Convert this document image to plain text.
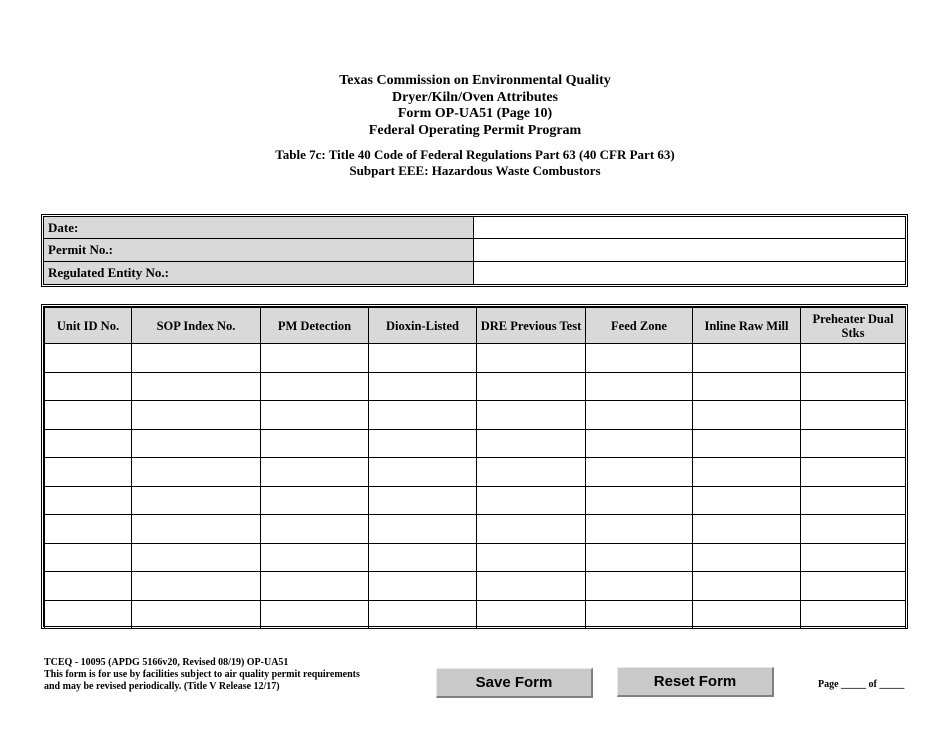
Texas Commission on Environmental Quality
Dryer/Kiln/Oven Attributes
Form OP-UA51 (Page 10)
Federal Operating Permit Program
Table 7c: Title 40 Code of Federal Regulations Part 63 (40 CFR Part 63)
Subpart EEE: Hazardous Waste Combustors
Date:
Permit No.:
Regulated Entity No.:
Unit ID No.	SOP Index No.	PM Detection	Dioxin-Listed	DRE Previous Test	Feed Zone	Inline Raw Mill	Preheater Dual Stks

TCEQ - 10095 (APDG 5166v20, Revised 08/19) OP-UA51
This form is for use by facilities subject to air quality permit requirements
and may be revised periodically. (Title V Release 12/17)	Save Form	Reset Form	Page _____ of _____
